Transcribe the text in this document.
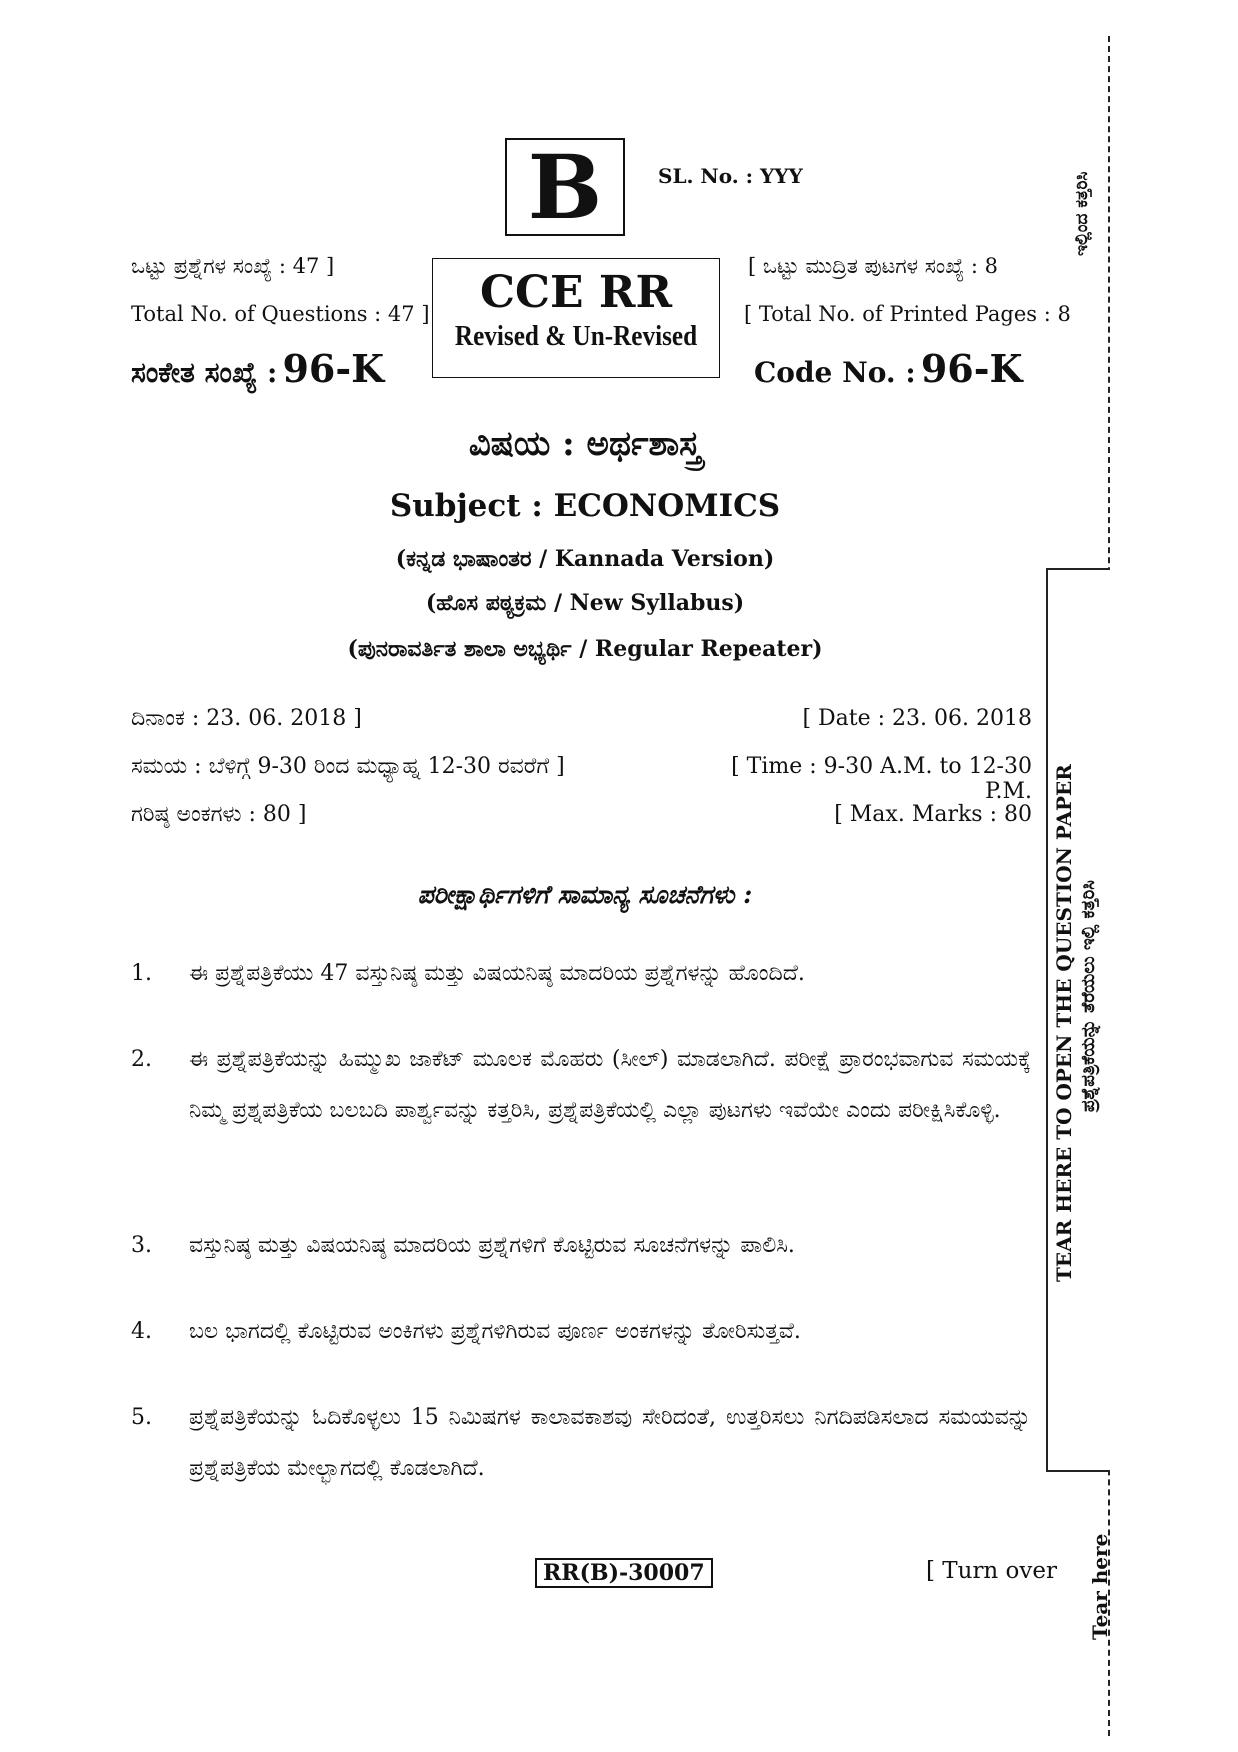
B	SL. No. : YYY
ಒಟ್ಟು ಪ್ರಶ್ನೆಗಳ ಸಂಖ್ಯೆ : 47 ]
Total No. of Questions : 47 ]
ಸಂಕೇತ ಸಂಖ್ಯೆ : 96-K
CCE RR
Revised & Un-Revised
[ ಒಟ್ಟು ಮುದ್ರಿತ ಪುಟಗಳ ಸಂಖ್ಯೆ : 8
[ Total No. of Printed Pages : 8
Code No. : 96-K
ವಿಷಯ : ಅರ್ಥಶಾಸ್ತ್ರ
Subject : ECONOMICS
(ಕನ್ನಡ ಭಾಷಾಂತರ / Kannada Version)
(ಹೊಸ ಪಠ್ಯಕ್ರಮ / New Syllabus)
(ಪುನರಾವರ್ತಿತ ಶಾಲಾ ಅಭ್ಯರ್ಥಿ / Regular Repeater)
ದಿನಾಂಕ : 23. 06. 2018 ]	[ Date : 23. 06. 2018
ಸಮಯ : ಬೆಳಿಗ್ಗೆ 9-30 ರಿಂದ ಮಧ್ಯಾಹ್ನ 12-30 ರವರೆಗೆ ]	[ Time : 9-30 A.M. to 12-30 P.M.
ಗರಿಷ್ಠ ಅಂಕಗಳು : 80 ]	[ Max. Marks : 80
ಪರೀಕ್ಷಾರ್ಥಿಗಳಿಗೆ ಸಾಮಾನ್ಯ ಸೂಚನೆಗಳು :
1. ಈ ಪ್ರಶ್ನೆಪತ್ರಿಕೆಯು 47 ವಸ್ತುನಿಷ್ಠ ಮತ್ತು ವಿಷಯನಿಷ್ಠ ಮಾದರಿಯ ಪ್ರಶ್ನೆಗಳನ್ನು ಹೊಂದಿದೆ.
2. ಈ ಪ್ರಶ್ನೆಪತ್ರಿಕೆಯನ್ನು ಹಿಮ್ಮುಖ ಜಾಕೆಟ್ ಮೂಲಕ ಮೊಹರು (ಸೀಲ್) ಮಾಡಲಾಗಿದೆ. ಪರೀಕ್ಷೆ ಪ್ರಾರಂಭವಾಗುವ ಸಮಯಕ್ಕೆ ನಿಮ್ಮ ಪ್ರಶ್ನಪತ್ರಿಕೆಯ ಬಲಬದಿ ಪಾರ್ಶ್ವವನ್ನು ಕತ್ತರಿಸಿ, ಪ್ರಶ್ನೆಪತ್ರಿಕೆಯಲ್ಲಿ ಎಲ್ಲಾ ಪುಟಗಳು ಇವೆಯೇ ಎಂದು ಪರೀಕ್ಷಿಸಿಕೊಳ್ಳಿ.
3. ವಸ್ತುನಿಷ್ಠ ಮತ್ತು ವಿಷಯನಿಷ್ಠ ಮಾದರಿಯ ಪ್ರಶ್ನೆಗಳಿಗೆ ಕೊಟ್ಟಿರುವ ಸೂಚನೆಗಳನ್ನು ಪಾಲಿಸಿ.
4. ಬಲ ಭಾಗದಲ್ಲಿ ಕೊಟ್ಟಿರುವ ಅಂಕಿಗಳು ಪ್ರಶ್ನೆಗಳಿಗಿರುವ ಪೂರ್ಣ ಅಂಕಗಳನ್ನು ತೋರಿಸುತ್ತವೆ.
5. ಪ್ರಶ್ನೆಪತ್ರಿಕೆಯನ್ನು ಓದಿಕೊಳ್ಳಲು 15 ನಿಮಿಷಗಳ ಕಾಲಾವಕಾಶವು ಸೇರಿದಂತೆ, ಉತ್ತರಿಸಲು ನಿಗದಿಪಡಿಸಲಾದ ಸಮಯವನ್ನು ಪ್ರಶ್ನೆಪತ್ರಿಕೆಯ ಮೇಲ್ಭಾಗದಲ್ಲಿ ಕೊಡಲಾಗಿದೆ.
RR(B)-30007	[ Turn over
TEAR HERE TO OPEN THE QUESTION PAPER ಪ್ರಶ್ನೆಪತ್ರಿಕೆಯನ್ನು ತೆರೆಯಲು ಇಲ್ಲಿ ಕತ್ತರಿಸಿ
ಇಲ್ಲಿಂದ ಕತ್ತರಿಸಿ
Tear here
